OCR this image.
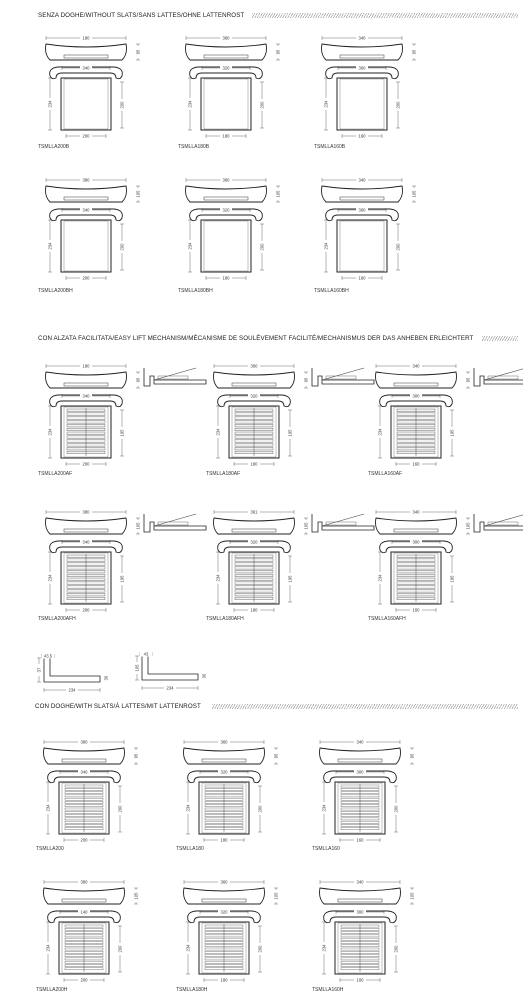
SENZA DOGHE/WITHOUT SLATS/SANS LATTES/OHNE LATTENROST
CON ALZATA FACILITATA/EASY LIFT MECHANISM/MÉCANISME DE SOULÈVEMENT FACILITÉ/MECHANISMUS DER DAS ANHEBEN ERLEICHTERT
CON DOGHE/WITH SLATS/À LATTES/MIT LATTENROST
180
95
340
234	200
200
TSMLLA200B
360
95
320
234	200
180
TSMLLA180B
340
95
300
234	200
160
TSMLLA160B
380
105
340
234	200
200
TSMLLA200BH
360
105
320
234	200
180
TSMLLA180BH
340
105
300
234	200
160
TSMLLA160BH
180
95
340
234	195
200
TSMLLA200AF
360
95
320
234	195
180
TSMLLA180AF
340
95
300
234	195
160
TSMLLA160AF
380
105
340
234	195
200
TSMLLA200AFH
361
105
320
234	195
180
TSMLLA180AFH
340
105
300
234	195
160
TSMLLA160AFH
234
37
30
43.5
234
105
30
43
380
95
340
234	200
200
TSMLLA200
360
95
320
234	200
180
TSMLLA180
340
95
300
234	200
160
TSMLLA160
380
105
140
234	200
200
TSMLLA200H
360
105
320
234	200
180
TSMLLA180H
340
105
300
234	200
160
TSMLLA160H
